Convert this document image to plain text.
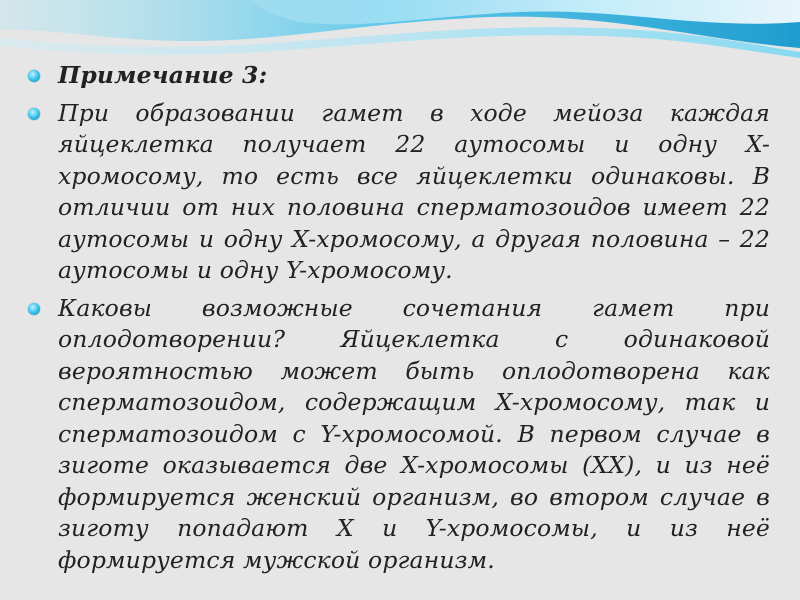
Примечание 3:

При образовании гамет в ходе мейоза каждая яйцеклетка получает 22 аутосомы и одну X-хромосому, то есть все яйцеклетки одинаковы. В отличии от них половина сперматозоидов имеет 22 аутосомы и одну X-хромосому, а другая половина – 22 аутосомы и одну Y-хромосому.

Каковы возможные сочетания гамет при оплодотворении? Яйцеклетка с одинаковой вероятностью может быть оплодотворена как сперматозоидом, содержащим X-хромосому, так и сперматозоидом с Y-хромосомой. В первом случае в зиготе оказывается две X-хромосомы (XX), и из неё формируется женский организм, во втором случае в зиготу попадают X и Y-хромосомы, и из неё формируется мужской организм.
